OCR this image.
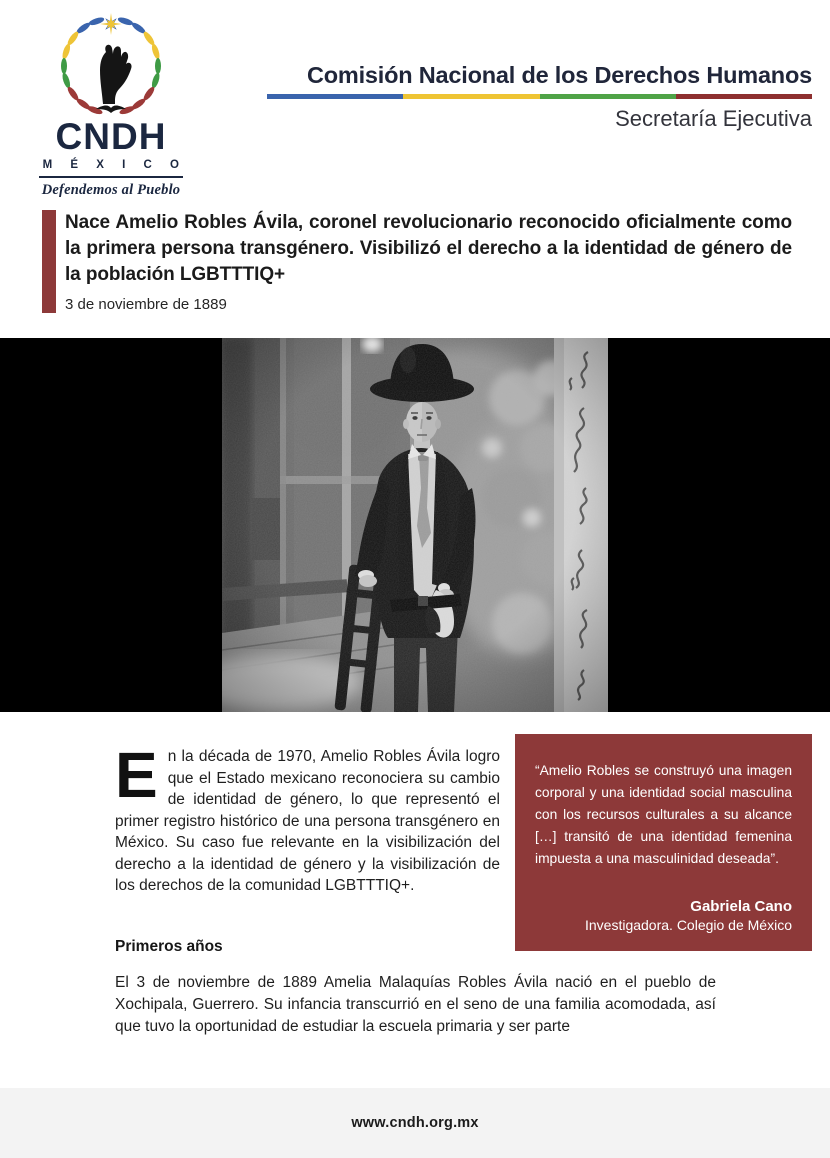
CNDH
M É X I C O
Defendemos al Pueblo
Comisión Nacional de los Derechos Humanos
Secretaría Ejecutiva
Nace Amelio Robles Ávila, coronel revolucionario reconocido oficialmente como la primera persona transgénero. Visibilizó el derecho a la identidad de género de la población LGBTTTIQ+
3 de noviembre de 1889

En la década de 1970, Amelio Robles Ávila logro que el Estado mexicano reconociera su cambio de identidad de género, lo que representó el primer registro histórico de una persona transgénero en México. Su caso fue relevante en la visibilización del derecho a la identidad de género y la visibilización de los derechos de la comunidad LGBTTTIQ+.

“Amelio Robles se construyó una imagen corporal y una identidad social masculina con los recursos culturales a su alcance […] transitó de una identidad femenina impuesta a una masculinidad deseada”.

Gabriela Cano
Investigadora. Colegio de México
Primeros años

El 3 de noviembre de 1889 Amelia Malaquías Robles Ávila nació en el pueblo de Xochipala, Guerrero. Su infancia transcurrió en el seno de una familia acomodada, así que tuvo la oportunidad de estudiar la escuela primaria y ser parte

www.cndh.org.mx
